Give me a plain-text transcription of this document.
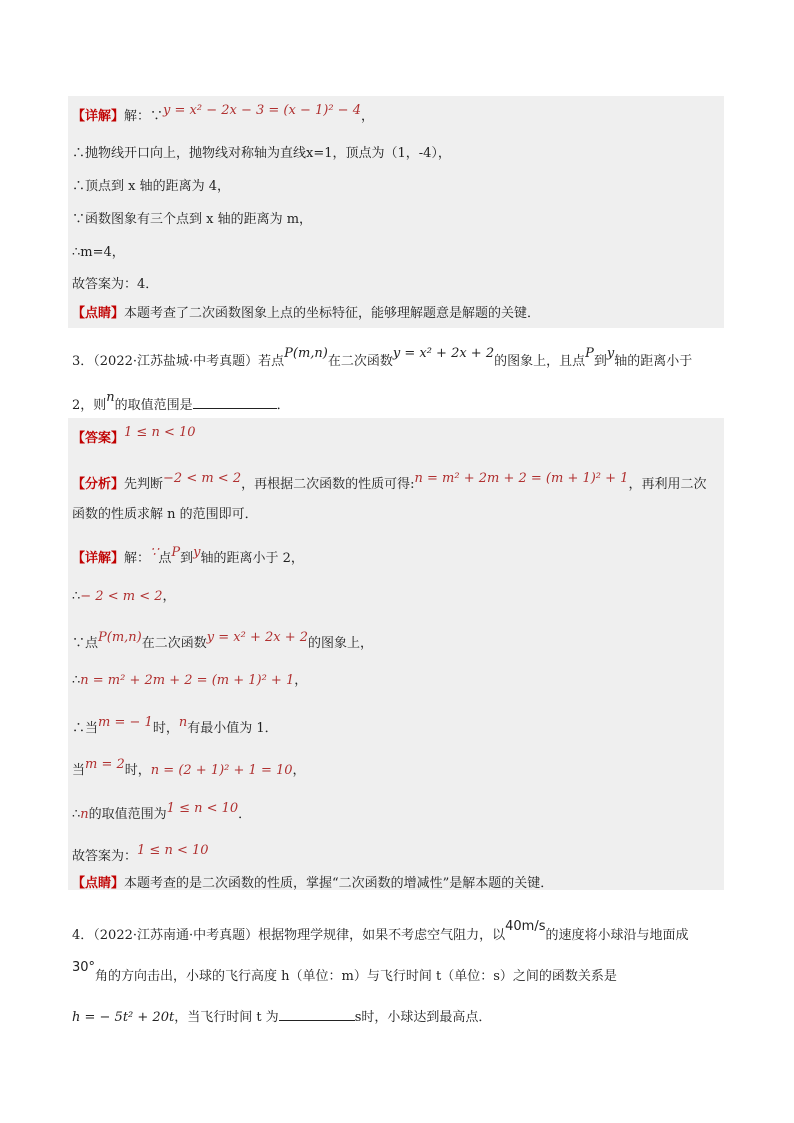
【详解】解：∵y = x² − 2x − 3 = (x − 1)² − 4，
∴抛物线开口向上，抛物线对称轴为直线x=1，顶点为（1，-4），
∴顶点到 x 轴的距离为 4，
∵函数图象有三个点到 x 轴的距离为 m，
∴m=4，
故答案为：4．
【点睛】本题考查了二次函数图象上点的坐标特征，能够理解题意是解题的关键．
3．（2022·江苏盐城·中考真题）若点P(m,n)在二次函数y = x² + 2x + 2的图象上，且点P到y轴的距离小于
2，则n的取值范围是	．
【答案】1 ≤ n < 10
【分析】先判断−2 < m < 2，再根据二次函数的性质可得:n = m² + 2m + 2 = (m + 1)² + 1，再利用二次
函数的性质求解 n 的范围即可．
【详解】解：∵点P到y轴的距离小于 2，
∴− 2 < m < 2，
∵点P(m,n)在二次函数y = x² + 2x + 2的图象上，
∴n = m² + 2m + 2 = (m + 1)² + 1，
∴当m = − 1时，n有最小值为 1．
当m = 2时，n = (2 + 1)² + 1 = 10，
∴n的取值范围为1 ≤ n < 10．
故答案为：1 ≤ n < 10
【点睛】本题考查的是二次函数的性质，掌握“二次函数的增减性”是解本题的关键．
4．（2022·江苏南通·中考真题）根据物理学规律，如果不考虑空气阻力，以40m/s的速度将小球沿与地面成
30°角的方向击出，小球的飞行高度 h（单位：m）与飞行时间 t（单位：s）之间的函数关系是
h = − 5t² + 20t，当飞行时间 t 为	s时，小球达到最高点．
